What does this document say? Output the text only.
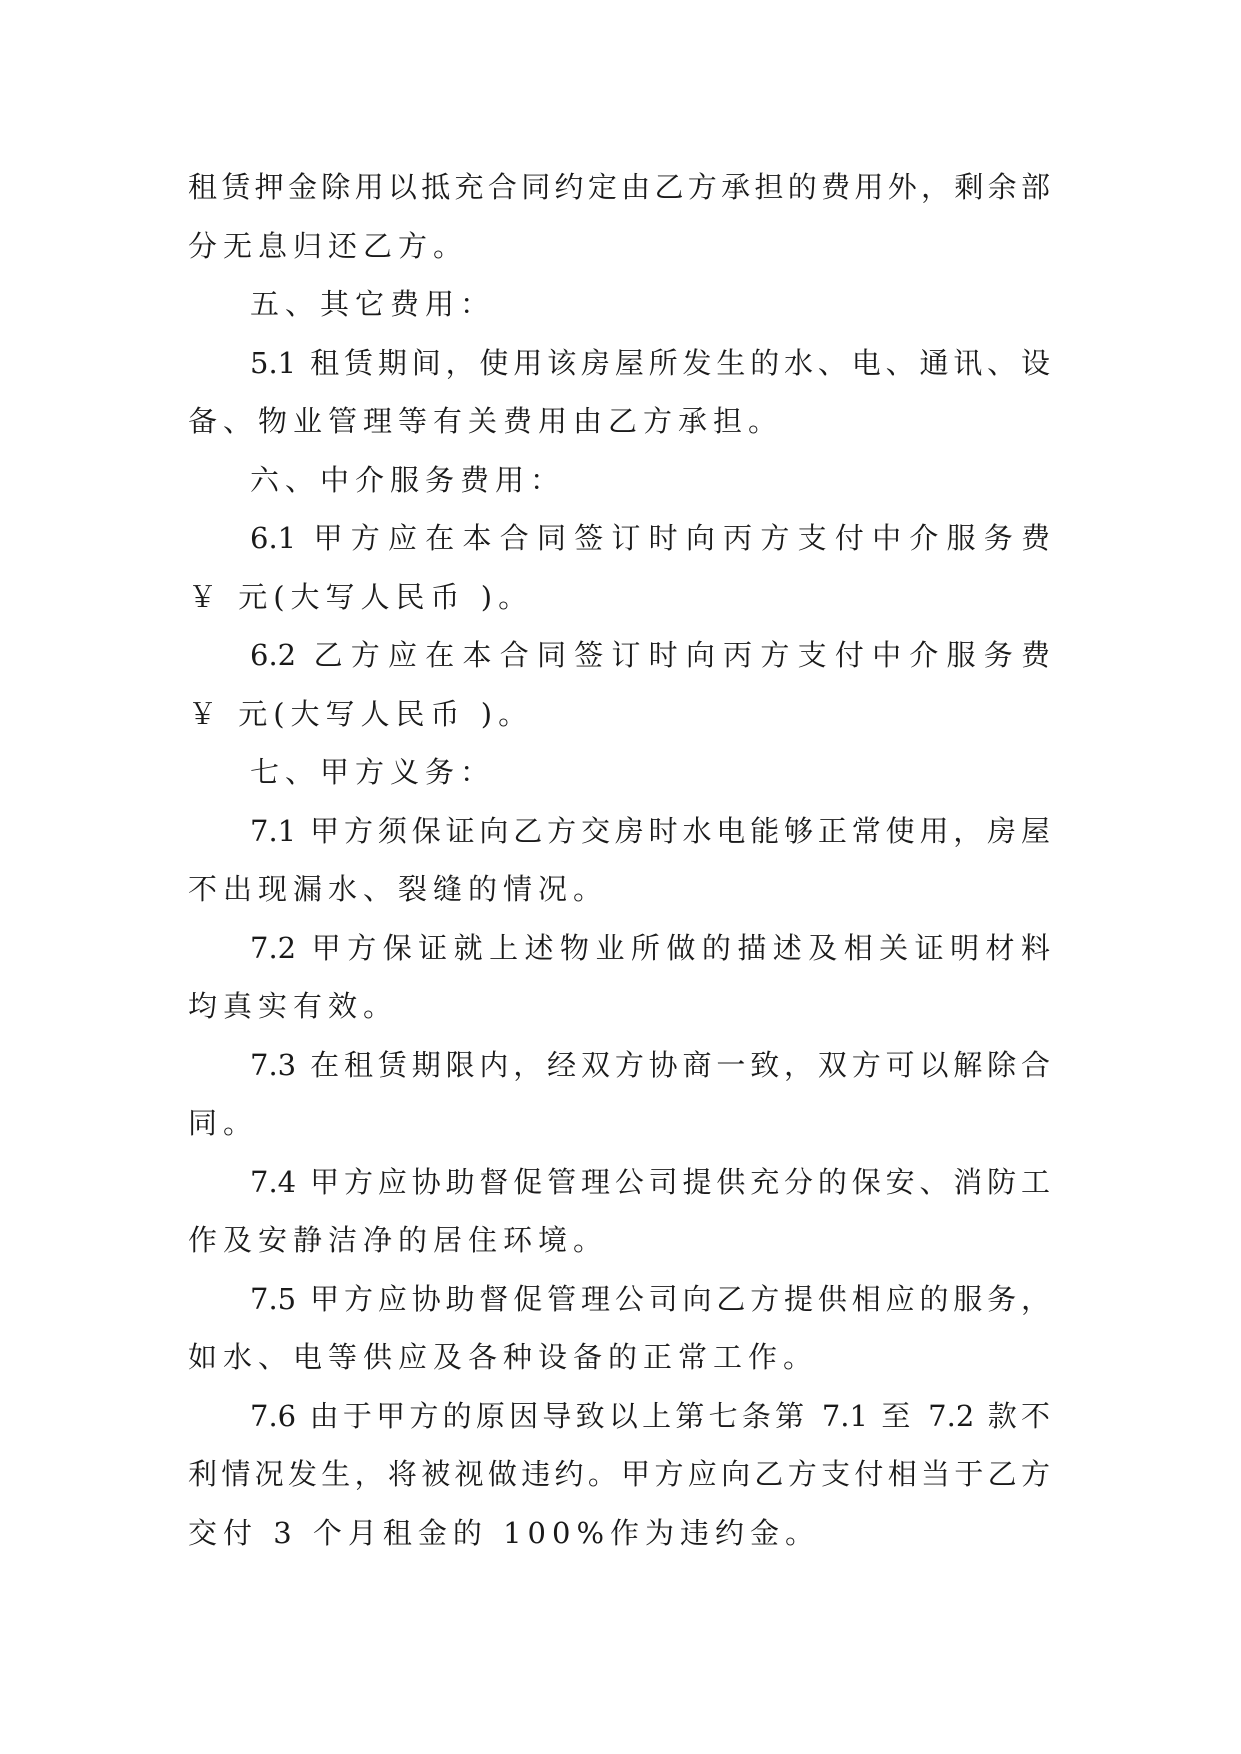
租赁押金除用以抵充合同约定由乙方承担的费用外，剩余部
分无息归还乙方。
五、其它费用：
5.1 租赁期间，使用该房屋所发生的水、电、通讯、设
备、物业管理等有关费用由乙方承担。
六、中介服务费用：
6.1 甲方应在本合同签订时向丙方支付中介服务费
￥ 元(大写人民币 )。
6.2 乙方应在本合同签订时向丙方支付中介服务费
￥ 元(大写人民币 )。
七、甲方义务：
7.1 甲方须保证向乙方交房时水电能够正常使用，房屋
不出现漏水、裂缝的情况。
7.2 甲方保证就上述物业所做的描述及相关证明材料
均真实有效。
7.3 在租赁期限内，经双方协商一致，双方可以解除合
同。
7.4 甲方应协助督促管理公司提供充分的保安、消防工
作及安静洁净的居住环境。
7.5 甲方应协助督促管理公司向乙方提供相应的服务，
如水、电等供应及各种设备的正常工作。
7.6 由于甲方的原因导致以上第七条第 7.1 至 7.2 款不
利情况发生，将被视做违约。甲方应向乙方支付相当于乙方
交付 3 个月租金的 100%作为违约金。
